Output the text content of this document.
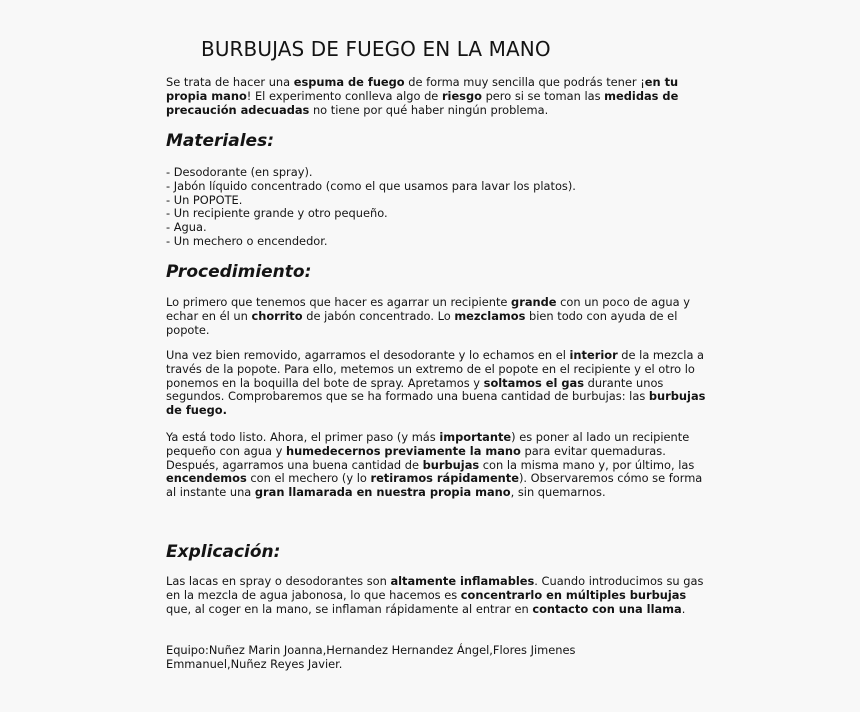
BURBUJAS DE FUEGO EN LA MANO

Se trata de hacer una espuma de fuego de forma muy sencilla que podrás tener ¡en tu propia mano! El experimento conlleva algo de riesgo pero si se toman las medidas de precaución adecuadas no tiene por qué haber ningún problema.

Materiales:
- Desodorante (en spray).
- Jabón líquido concentrado (como el que usamos para lavar los platos).
- Un POPOTE.
- Un recipiente grande y otro pequeño.
- Agua.
- Un mechero o encendedor.
Procedimiento:

Lo primero que tenemos que hacer es agarrar un recipiente grande con un poco de agua y echar en él un chorrito de jabón concentrado. Lo mezclamos bien todo con ayuda de el popote.

Una vez bien removido, agarramos el desodorante y lo echamos en el interior de la mezcla a través de la popote. Para ello, metemos un extremo de el popote en el recipiente y el otro lo ponemos en la boquilla del bote de spray. Apretamos y soltamos el gas durante unos segundos. Comprobaremos que se ha formado una buena cantidad de burbujas: las burbujas de fuego.

Ya está todo listo. Ahora, el primer paso (y más importante) es poner al lado un recipiente pequeño con agua y humedecernos previamente la mano para evitar quemaduras. Después, agarramos una buena cantidad de burbujas con la misma mano y, por último, las encendemos con el mechero (y lo retiramos rápidamente). Observaremos cómo se forma al instante una gran llamarada en nuestra propia mano, sin quemarnos.

Explicación:

Las lacas en spray o desodorantes son altamente inflamables. Cuando introducimos su gas en la mezcla de agua jabonosa, lo que hacemos es concentrarlo en múltiples burbujas que, al coger en la mano, se inflaman rápidamente al entrar en contacto con una llama.

Equipo:Nuñez Marin Joanna,Hernandez Hernandez Ángel,Flores Jimenes
Emmanuel,Nuñez Reyes Javier.
